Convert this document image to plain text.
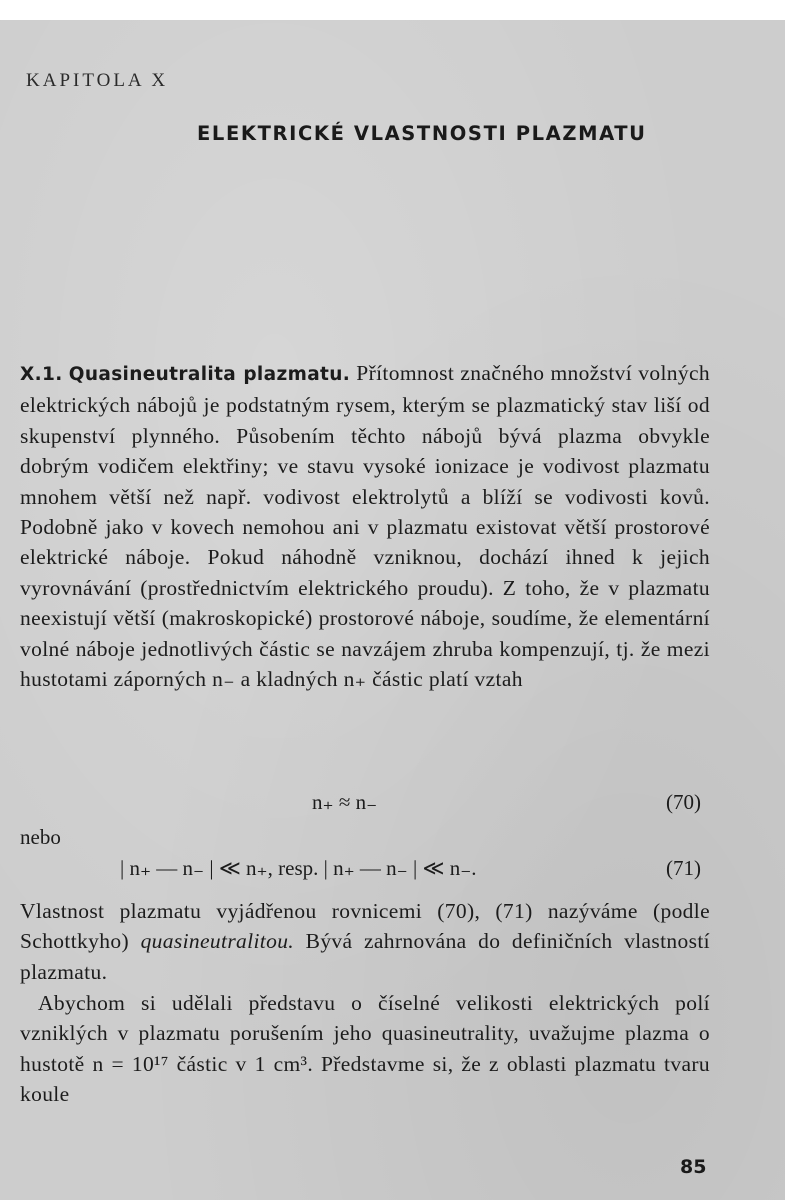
KAPITOLA X
ELEKTRICKÉ VLASTNOSTI PLAZMATU
X.1. Quasineutralita plazmatu. Přítomnost značného množství volných elektrických nábojů je podstatným rysem, kterým se plazmatický stav liší od skupenství plynného. Působením těchto nábojů bývá plazma obvykle dobrým vodičem elektřiny; ve stavu vysoké ionizace je vodivost plazmatu mnohem větší než např. vodivost elektrolytů a blíží se vodivosti kovů. Podobně jako v kovech nemohou ani v plazmatu existovat větší prostorové elektrické náboje. Pokud náhodně vzniknou, dochází ihned k jejich vyrovnávání (prostřednictvím elektrického proudu). Z toho, že v plazmatu neexistují větší (makroskopické) prostorové náboje, soudíme, že elementární volné náboje jednotlivých částic se navzájem zhruba kompenzují, tj. že mezi hustotami záporných n₋ a kladných n₊ částic platí vztah
n₊ ≈ n₋	(70)
nebo
| n₊ — n₋ | ≪ n₊, resp. | n₊ — n₋ | ≪ n₋.	(71)
Vlastnost plazmatu vyjádřenou rovnicemi (70), (71) nazýváme (podle Schottkyho) quasineutralitou. Bývá zahrnována do definičních vlastností plazmatu.
Abychom si udělali představu o číselné velikosti elektrických polí vzniklých v plazmatu porušením jeho quasineutrality, uvažujme plazma o hustotě n = 10¹⁷ částic v 1 cm³. Představme si, že z oblasti plazmatu tvaru koule
85
